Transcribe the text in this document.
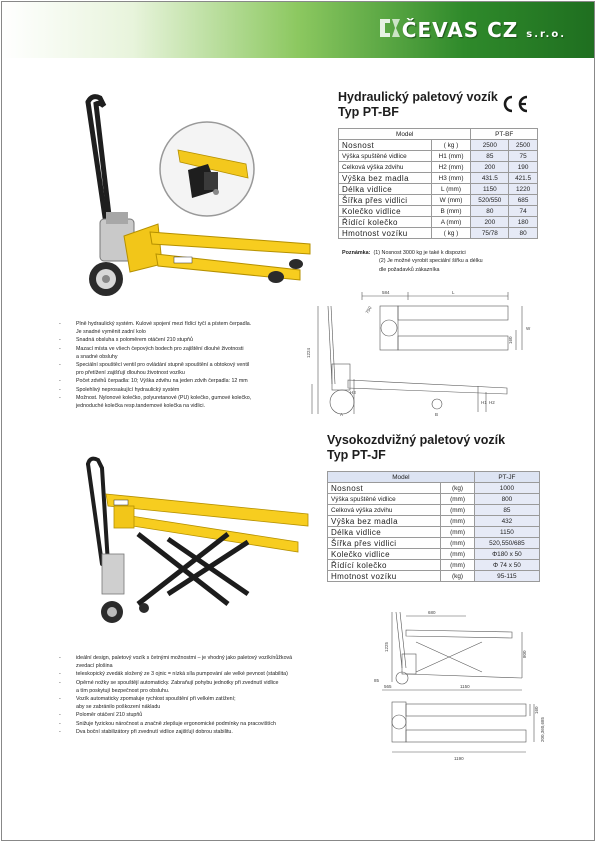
ČEVAS CZ s.r.o.
Hydraulický paletový vozík
Typ PT-BF
Model		PT-BF	
Nosnost	( kg )	2500	2500
Výška spuštěné vidlice	H1 (mm)	85	75
Celková výška zdvihu	H2 (mm)	200	190
Výška bez madla	H3 (mm)	431.5	421.5
Délka vidlice	L (mm)	1150	1220
Šířka přes vidlici	W (mm)	520/550	685
Kolečko vidlice	B (mm)	80	74
Řídící kolečko	A (mm)	200	180
Hmotnost vozíku	( kg )	75/78	80
Poznámka: (1) Nosnost 3000 kg je také k dispozici
(2) Je možné vyrobit speciální šířku a délku
dle požadavků zákazníka
- Plně hydraulický systém. Kulové spojení mezi řídící tyčí a pístem čerpadla.
Je snadné vyměnit zadní kolo
- Snadná obsluha s poloměrem otáčení 210 stupňů
- Mazací místa ve všech čepových bodech pro zajištění dlouhé životnosti
a snadné obsluhy
- Speciální spouštěcí ventil pro ovládání stupně spouštění a obtokový ventil
pro přetížení zajišťují dlouhou životnost vozíku
- Počet zdvihů čerpadla: 10; Výška zdvihu na jeden zdvih čerpadla: 12 mm
- Spolehlivý neprosakující hydraulický systém
- Možnost. Nylonové kolečko, polyuretanové (PU) kolečko, gumové kolečko,
jednoduché kolečka resp.tandemové kolečka na vidlici.
584	L
W
H3
H1 H2
1224
750
160
A	B
Vysokozdvižný paletový vozík
Typ PT-JF
Model		PT-JF
Nosnost	(kg)	1000
Výška spuštěné vidlice	(mm)	800
Celková výška zdvihu	(mm)	85
Výška bez madla	(mm)	432
Délka vidlice	(mm)	1150
Šířka přes vidlici	(mm)	520,550/685
Kolečko vidlice	(mm)	Φ180 x 50
Řídící kolečko	(mm)	Φ 74 x 50
Hmotnost vozíku	(kg)	95-115
680
1225
800
85
565	1150
160
200,360,685
1190
- ideální design, paletový vozík s četnými možnostmi – je vhodný jako paletový vozík/nůžková
zvedací plošina
- teleskopický zvedák složený ze 3 ojnic = nízká síla pumpování ale velké pevnost (stabilita)
- Opěrné nožky se spouštějí automaticky. Zabraňují pohybu jednotky při zvednutí vidlice
a tím poskytují bezpečnost pro obsluhu.
- Vozík automaticky zpomaluje rychlost spouštění při velkém zatížení;
aby se zabránilo poškození nákladu
- Poloměr otáčení 210 stupňů
- Snižuje fyzickou náročnost a značně zlepšuje ergonomické podmínky na pracovištích
- Dva boční stabilizátory při zvednutí vidlice zajišťují dobrou stabilitu.
